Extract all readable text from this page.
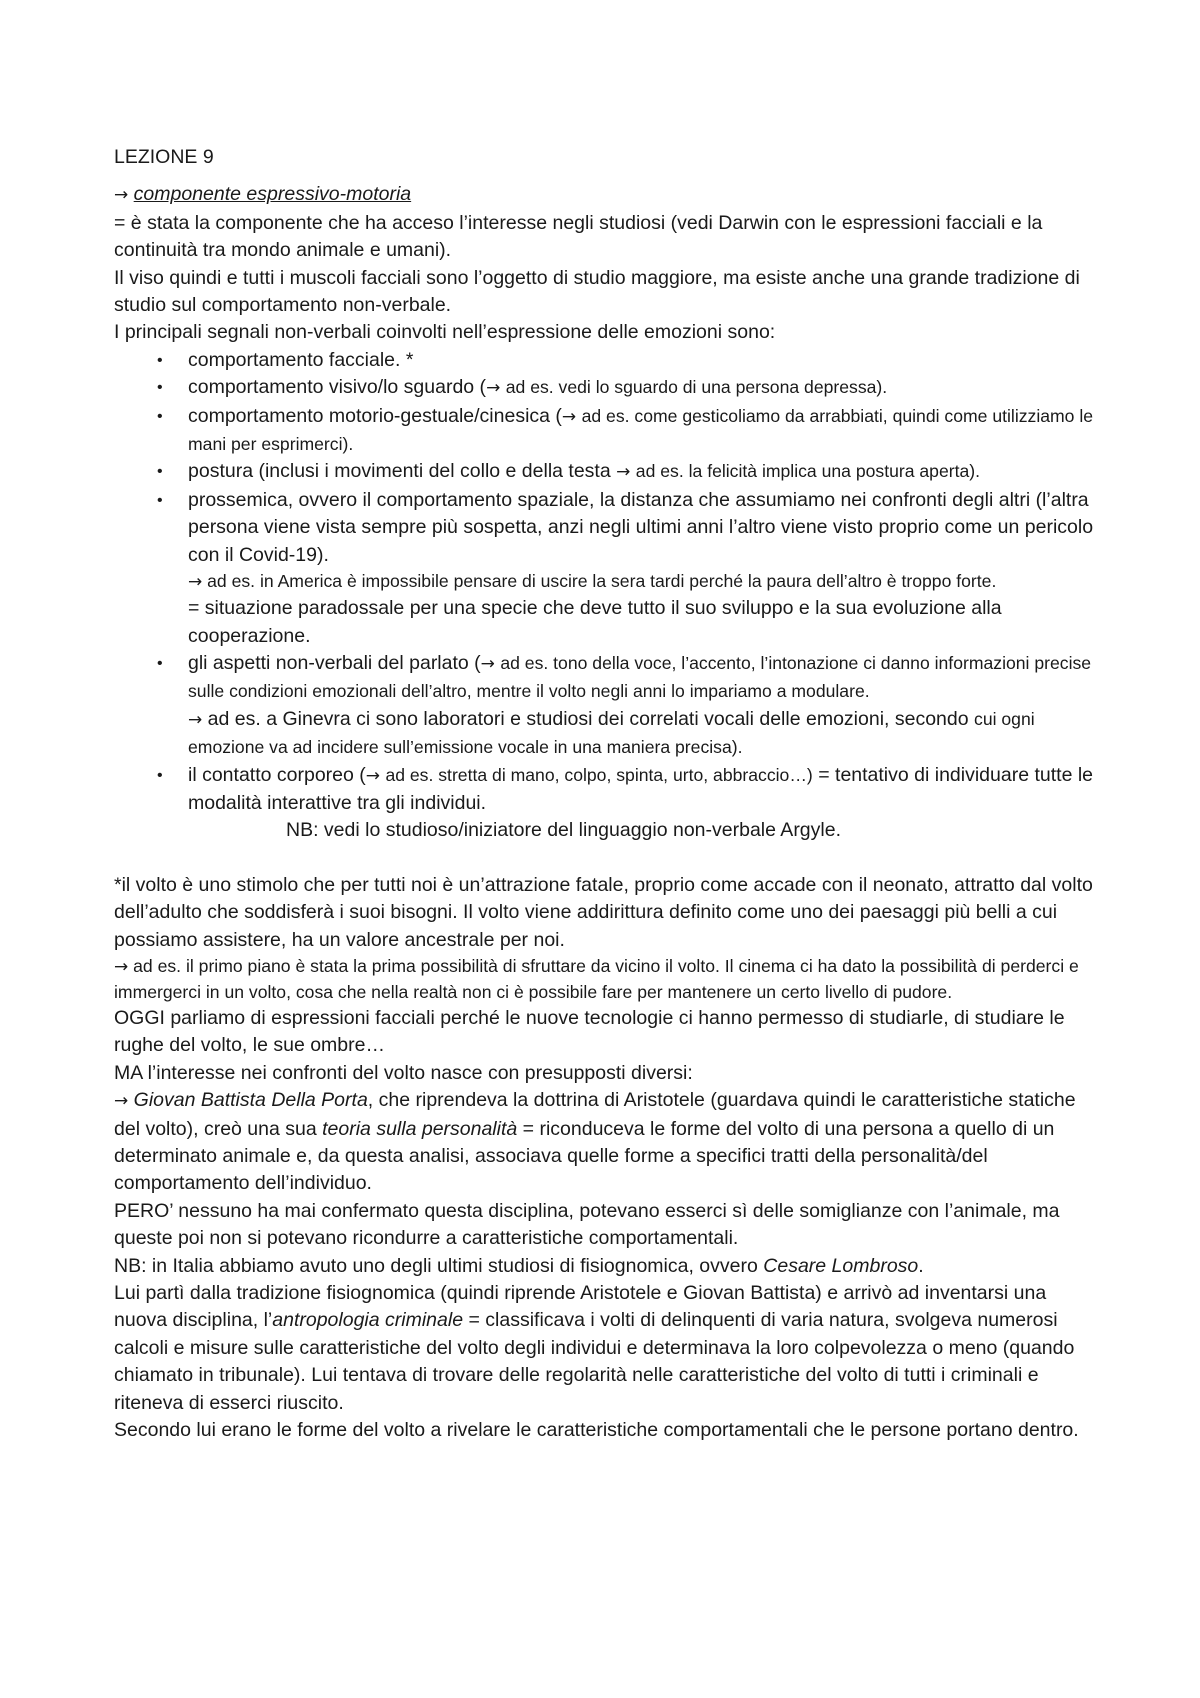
LEZIONE 9

→ componente espressivo-motoria

= è stata la componente che ha acceso l’interesse negli studiosi (vedi Darwin con le espressioni facciali e la continuità tra mondo animale e umani).

Il viso quindi e tutti i muscoli facciali sono l’oggetto di studio maggiore, ma esiste anche una grande tradizione di studio sul comportamento non-verbale.

I principali segnali non-verbali coinvolti nell’espressione delle emozioni sono:

• comportamento facciale. *
• comportamento visivo/lo sguardo (→ ad es. vedi lo sguardo di una persona depressa).
• comportamento motorio-gestuale/cinesica (→ ad es. come gesticoliamo da arrabbiati, quindi come utilizziamo le mani per esprimerci).
• postura (inclusi i movimenti del collo e della testa → ad es. la felicità implica una postura aperta).
• prossemica, ovvero il comportamento spaziale, la distanza che assumiamo nei confronti degli altri (l’altra persona viene vista sempre più sospetta, anzi negli ultimi anni l’altro viene visto proprio come un pericolo con il Covid-19).
→ ad es. in America è impossibile pensare di uscire la sera tardi perché la paura dell’altro è troppo forte.
= situazione paradossale per una specie che deve tutto il suo sviluppo e la sua evoluzione alla cooperazione.
• gli aspetti non-verbali del parlato (→ ad es. tono della voce, l’accento, l’intonazione ci danno informazioni precise sulle condizioni emozionali dell’altro, mentre il volto negli anni lo impariamo a modulare.
→ ad es. a Ginevra ci sono laboratori e studiosi dei correlati vocali delle emozioni, secondo cui ogni emozione va ad incidere sull’emissione vocale in una maniera precisa).
• il contatto corporeo (→ ad es. stretta di mano, colpo, spinta, urto, abbraccio…) = tentativo di individuare tutte le modalità interattive tra gli individui.

NB: vedi lo studioso/iniziatore del linguaggio non-verbale Argyle.

*il volto è uno stimolo che per tutti noi è un’attrazione fatale, proprio come accade con il neonato, attratto dal volto dell’adulto che soddisferà i suoi bisogni. Il volto viene addirittura definito come uno dei paesaggi più belli a cui possiamo assistere, ha un valore ancestrale per noi.

→ ad es. il primo piano è stata la prima possibilità di sfruttare da vicino il volto. Il cinema ci ha dato la possibilità di perderci e immergerci in un volto, cosa che nella realtà non ci è possibile fare per mantenere un certo livello di pudore.

OGGI parliamo di espressioni facciali perché le nuove tecnologie ci hanno permesso di studiarle, di studiare le rughe del volto, le sue ombre…

MA l’interesse nei confronti del volto nasce con presupposti diversi:

→ Giovan Battista Della Porta, che riprendeva la dottrina di Aristotele (guardava quindi le caratteristiche statiche del volto), creò una sua teoria sulla personalità = riconduceva le forme del volto di una persona a quello di un determinato animale e, da questa analisi, associava quelle forme a specifici tratti della personalità/del comportamento dell’individuo.

PERO’ nessuno ha mai confermato questa disciplina, potevano esserci sì delle somiglianze con l’animale, ma queste poi non si potevano ricondurre a caratteristiche comportamentali.

NB: in Italia abbiamo avuto uno degli ultimi studiosi di fisiognomica, ovvero Cesare Lombroso.

Lui partì dalla tradizione fisiognomica (quindi riprende Aristotele e Giovan Battista) e arrivò ad inventarsi una nuova disciplina, l’antropologia criminale = classificava i volti di delinquenti di varia natura, svolgeva numerosi calcoli e misure sulle caratteristiche del volto degli individui e determinava la loro colpevolezza o meno (quando chiamato in tribunale). Lui tentava di trovare delle regolarità nelle caratteristiche del volto di tutti i criminali e riteneva di esserci riuscito.

Secondo lui erano le forme del volto a rivelare le caratteristiche comportamentali che le persone portano dentro.
